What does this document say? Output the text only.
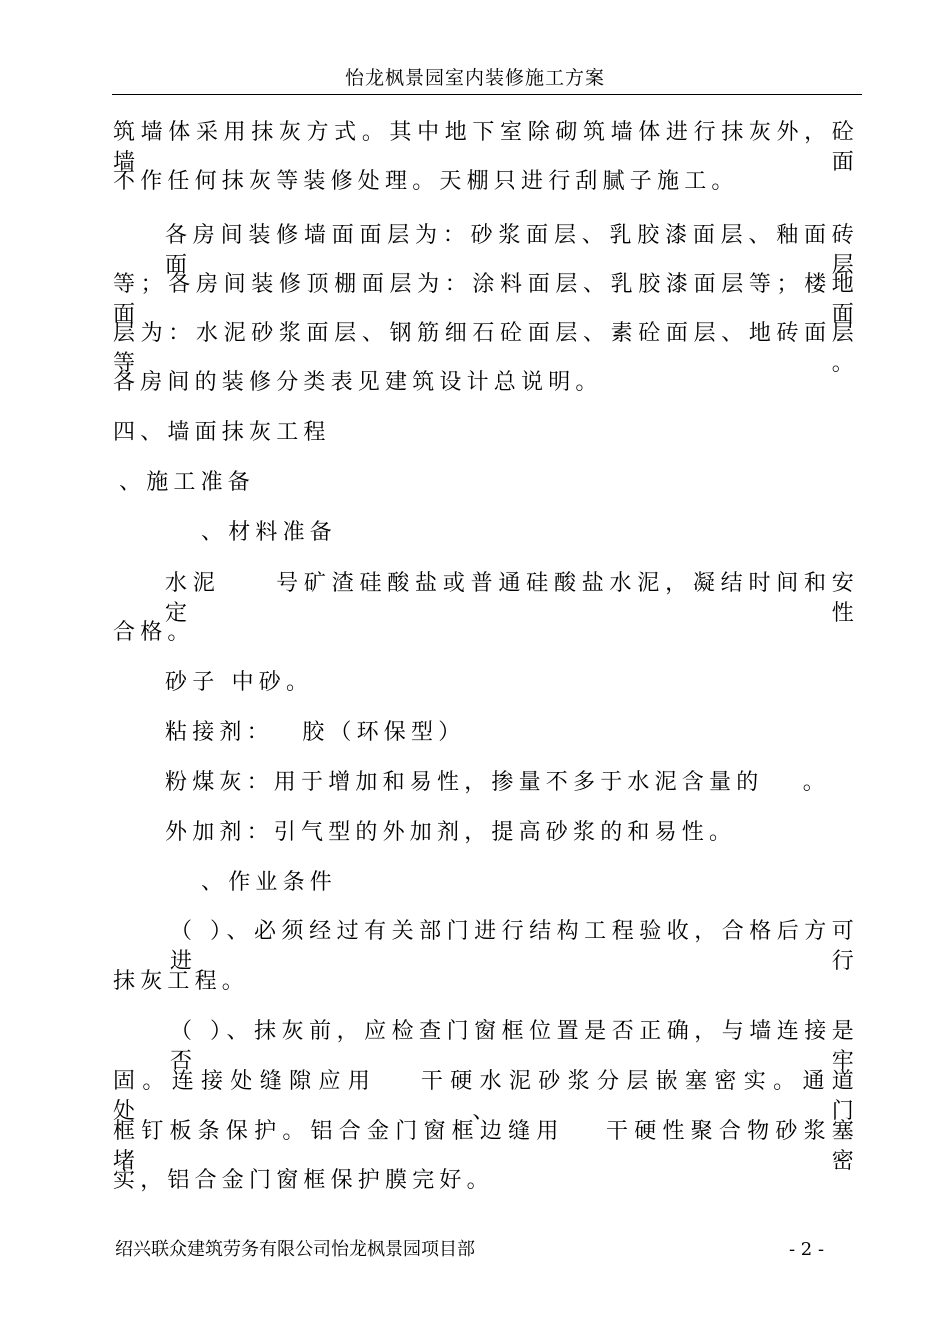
怡龙枫景园室内装修施工方案
筑墙体采用抹灰方式。其中地下室除砌筑墙体进行抹灰外，砼墙面
不作任何抹灰等装修处理。天棚只进行刮腻子施工。
各房间装修墙面面层为：砂浆面层、乳胶漆面层、釉面砖面层
等；各房间装修顶棚面层为：涂料面层、乳胶漆面层等；楼地面面
层为：水泥砂浆面层、钢筋细石砼面层、素砼面层、地砖面层等。
各房间的装修分类表见建筑设计总说明。
四、墙面抹灰工程
、施工准备
、材料准备
水泥　　号矿渣硅酸盐或普通硅酸盐水泥，凝结时间和安定性
合格。
砂子 中砂。
粘接剂：　 胶（环保型）
粉煤灰：用于增加和易性，掺量不多于水泥含量的　 。
外加剂：引气型的外加剂，提高砂浆的和易性。
、作业条件
（ ）、必须经过有关部门进行结构工程验收，合格后方可进行
抹灰工程。
（ ）、抹灰前，应检查门窗框位置是否正确，与墙连接是否牢
固。连接处缝隙应用　 干硬水泥砂浆分层嵌塞密实。通道处、门
框钉板条保护。铝合金门窗框边缝用　 干硬性聚合物砂浆塞堵密
实，铝合金门窗框保护膜完好。
绍兴联众建筑劳务有限公司怡龙枫景园项目部	- 2 -
